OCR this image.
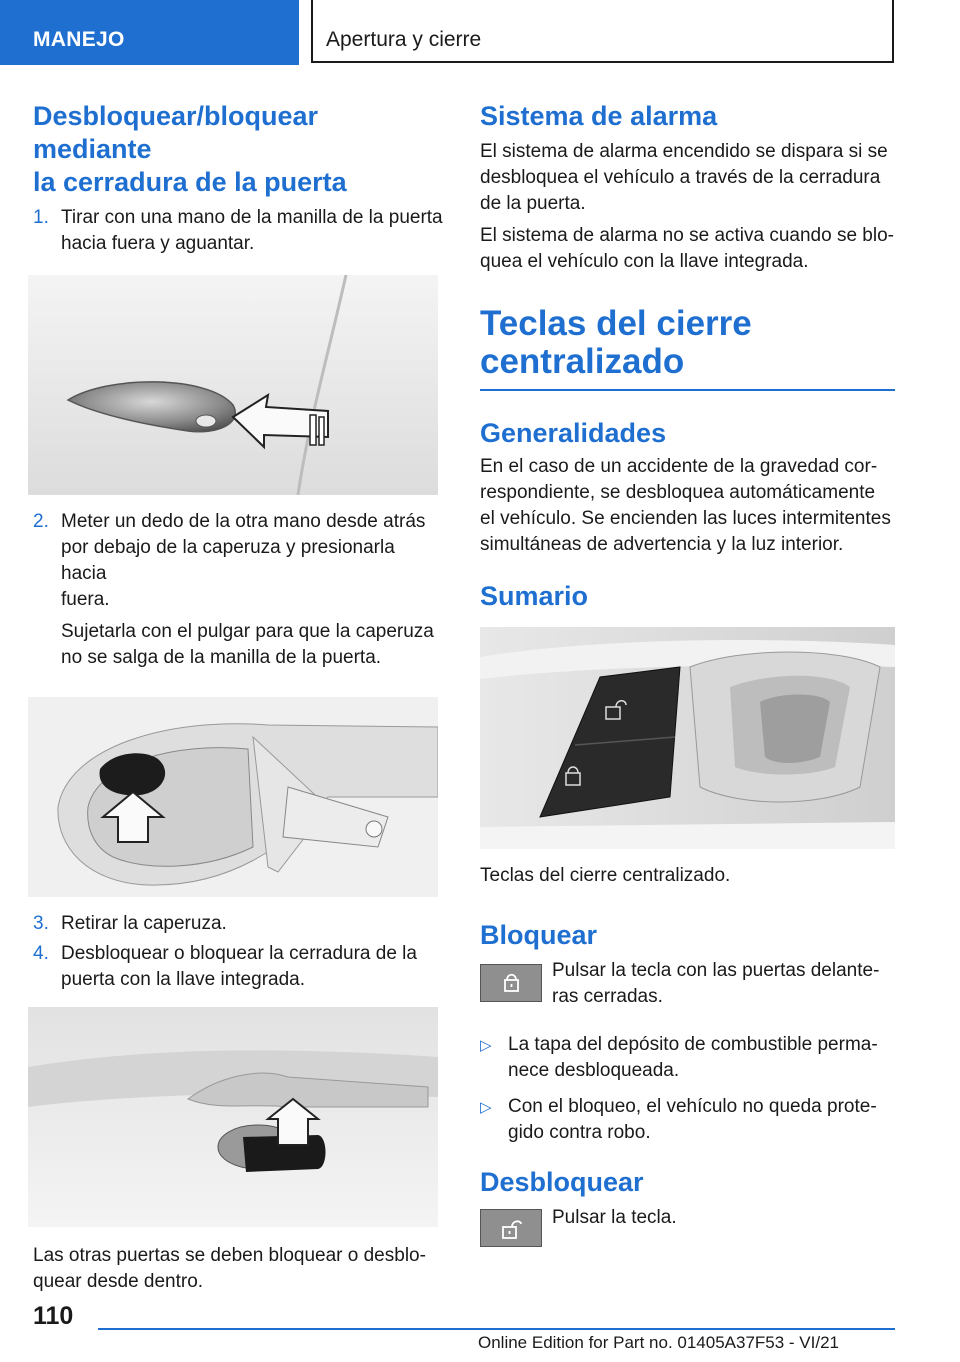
MANEJO	Apertura y cierre
Desbloquear/bloquear mediante
la cerradura de la puerta
1. Tirar con una mano de la manilla de la puerta
hacia fuera y aguantar.
2. Meter un dedo de la otra mano desde atrás
por debajo de la caperuza y presionarla hacia
fuera.
Sujetarla con el pulgar para que la caperuza
no se salga de la manilla de la puerta.
3. Retirar la caperuza.
4. Desbloquear o bloquear la cerradura de la
puerta con la llave integrada.

Las otras puertas se deben bloquear o desblo-
quear desde dentro.

Sistema de alarma

El sistema de alarma encendido se dispara si se
desbloquea el vehículo a través de la cerradura
de la puerta.

El sistema de alarma no se activa cuando se blo-
quea el vehículo con la llave integrada.

Teclas del cierre
centralizado
Generalidades

En el caso de un accidente de la gravedad cor-
respondiente, se desbloquea automáticamente
el vehículo. Se encienden las luces intermitentes
simultáneas de advertencia y la luz interior.

Sumario

Teclas del cierre centralizado.

Bloquear

Pulsar la tecla con las puertas delante-
ras cerradas.

▷ La tapa del depósito de combustible perma-
nece desbloqueada.
▷ Con el bloqueo, el vehículo no queda prote-
gido contra robo.
Desbloquear

Pulsar la tecla.

110
Online Edition for Part no. 01405A37F53 - VI/21
